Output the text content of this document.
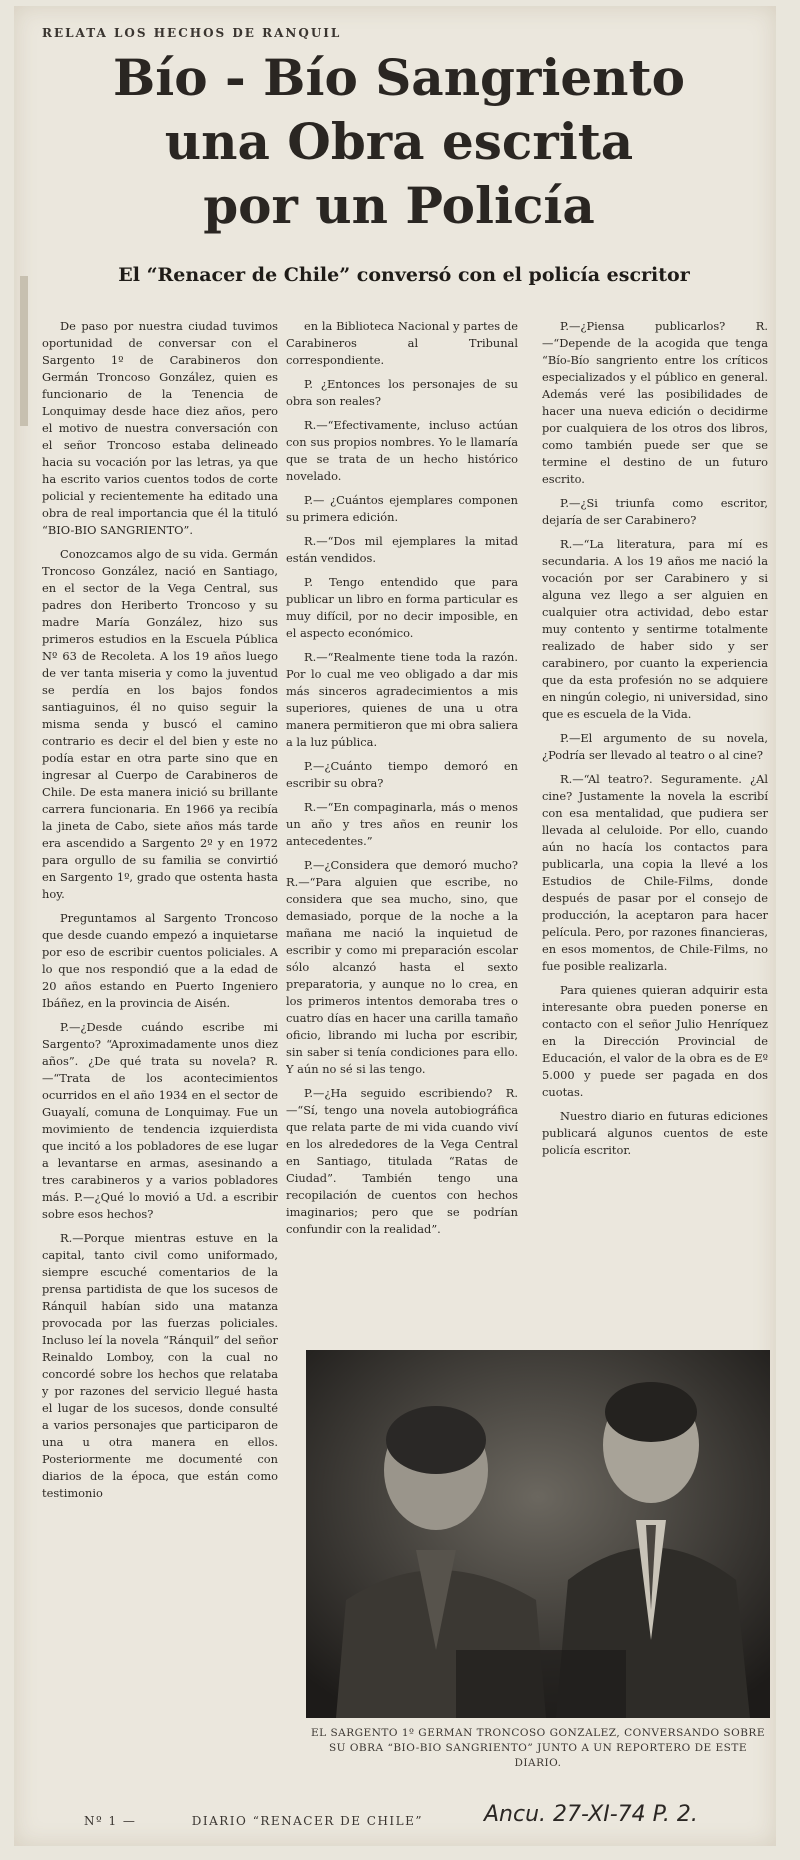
RELATA LOS HECHOS DE RANQUIL
Bío - Bío Sangriento
una Obra escrita
por un Policía
El “Renacer de Chile” conversó con el policía escritor

De paso por nuestra ciudad tuvimos oportunidad de conversar con el Sargento 1º de Carabineros don Germán Troncoso González, quien es funcionario de la Tenencia de Lonquimay desde hace diez años, pero el motivo de nuestra conversación con el señor Troncoso estaba delineado hacia su vocación por las letras, ya que ha escrito varios cuentos todos de corte policial y recientemente ha editado una obra de real importancia que él la tituló “BIO-BIO SANGRIENTO”.

Conozcamos algo de su vida. Germán Troncoso González, nació en Santiago, en el sector de la Vega Central, sus padres don Heriberto Troncoso y su madre María González, hizo sus primeros estudios en la Escuela Pública Nº 63 de Recoleta. A los 19 años luego de ver tanta miseria y como la juventud se perdía en los bajos fondos santiaguinos, él no quiso seguir la misma senda y buscó el camino contrario es decir el del bien y este no podía estar en otra parte sino que en ingresar al Cuerpo de Carabineros de Chile. De esta manera inició su brillante carrera funcionaria. En 1966 ya recibía la jineta de Cabo, siete años más tarde era ascendido a Sargento 2º y en 1972 para orgullo de su familia se convirtió en Sargento 1º, grado que ostenta hasta hoy.

Preguntamos al Sargento Troncoso que desde cuando empezó a inquietarse por eso de escribir cuentos policiales. A lo que nos respondió que a la edad de 20 años estando en Puerto Ingeniero Ibáñez, en la provincia de Aisén.

P.—¿Desde cuándo escribe mi Sargento? “Aproximadamente unos diez años”. ¿De qué trata su novela? R.—“Trata de los acontecimientos ocurridos en el año 1934 en el sector de Guayalí, comuna de Lonquimay. Fue un movimiento de tendencia izquierdista que incitó a los pobladores de ese lugar a levantarse en armas, asesinando a tres carabineros y a varios pobladores más. P.—¿Qué lo movió a Ud. a escribir sobre esos hechos?

R.—Porque mientras estuve en la capital, tanto civil como uniformado, siempre escuché comentarios de la prensa partidista de que los sucesos de Ránquil habían sido una matanza provocada por las fuerzas policiales. Incluso leí la novela “Ránquil” del señor Reinaldo Lomboy, con la cual no concordé sobre los hechos que relataba y por razones del servicio llegué hasta el lugar de los sucesos, donde consulté a varios personajes que participaron de una u otra manera en ellos. Posteriormente me documenté con diarios de la época, que están como testimonio

en la Biblioteca Nacional y partes de Carabineros al Tribunal correspondiente.

P. ¿Entonces los personajes de su obra son reales?

R.—“Efectivamente, incluso actúan con sus propios nombres. Yo le llamaría que se trata de un hecho histórico novelado.

P.— ¿Cuántos ejemplares componen su primera edición.

R.—“Dos mil ejemplares la mitad están vendidos.

P. Tengo entendido que para publicar un libro en forma particular es muy difícil, por no decir imposible, en el aspecto económico.

R.—“Realmente tiene toda la razón. Por lo cual me veo obligado a dar mis más sinceros agradecimientos a mis superiores, quienes de una u otra manera permitieron que mi obra saliera a la luz pública.

P.—¿Cuánto tiempo demoró en escribir su obra?

R.—“En compaginarla, más o menos un año y tres años en reunir los antecedentes.”

P.—¿Considera que demoró mucho? R.—“Para alguien que escribe, no considera que sea mucho, sino, que demasiado, porque de la noche a la mañana me nació la inquietud de escribir y como mi preparación escolar sólo alcanzó hasta el sexto preparatoria, y aunque no lo crea, en los primeros intentos demoraba tres o cuatro días en hacer una carilla tamaño oficio, librando mi lucha por escribir, sin saber si tenía condiciones para ello. Y aún no sé si las tengo.

P.—¿Ha seguido escribiendo? R.—“Sí, tengo una novela autobiográfica que relata parte de mi vida cuando viví en los alrededores de la Vega Central en Santiago, titulada “Ratas de Ciudad”. También tengo una recopilación de cuentos con hechos imaginarios; pero que se podrían confundir con la realidad”.

P.—¿Piensa publicarlos? R.—“Depende de la acogida que tenga “Bío-Bío sangriento entre los críticos especializados y el público en general. Además veré las posibilidades de hacer una nueva edición o decidirme por cualquiera de los otros dos libros, como también puede ser que se termine el destino de un futuro escrito.

P.—¿Si triunfa como escritor, dejaría de ser Carabinero?

R.—“La literatura, para mí es secundaria. A los 19 años me nació la vocación por ser Carabinero y si alguna vez llego a ser alguien en cualquier otra actividad, debo estar muy contento y sentirme totalmente realizado de haber sido y ser carabinero, por cuanto la experiencia que da esta profesión no se adquiere en ningún colegio, ni universidad, sino que es escuela de la Vida.

P.—El argumento de su novela, ¿Podría ser llevado al teatro o al cine?

R.—“Al teatro?. Seguramente. ¿Al cine? Justamente la novela la escribí con esa mentalidad, que pudiera ser llevada al celuloide. Por ello, cuando aún no hacía los contactos para publicarla, una copia la llevé a los Estudios de Chile-Films, donde después de pasar por el consejo de producción, la aceptaron para hacer película. Pero, por razones financieras, en esos momentos, de Chile-Films, no fue posible realizarla.

Para quienes quieran adquirir esta interesante obra pueden ponerse en contacto con el señor Julio Henríquez en la Dirección Provincial de Educación, el valor de la obra es de Eº 5.000 y puede ser pagada en dos cuotas.

Nuestro diario en futuras ediciones publicará algunos cuentos de este policía escritor.

EL SARGENTO 1º GERMAN TRONCOSO GONZALEZ, CONVERSANDO SOBRE SU OBRA “BIO-BIO SANGRIENTO” JUNTO A UN REPORTERO DE ESTE DIARIO.
Nº 1 —	DIARIO “RENACER DE CHILE”	Ancu. 27-XI-74 P. 2.
